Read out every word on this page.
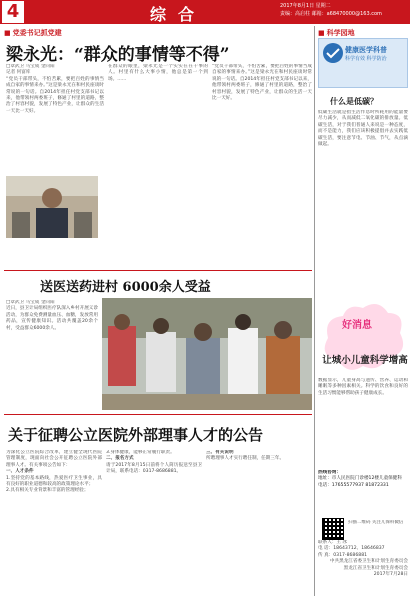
4	综合	2017年8月1日 星期二
责编：高启柱 邮箱：a68470000@163.com
■ 党委书记抓党建
梁永光：“群众的事情等不得”
□章武卫 马宝成 金向阳
记者 何富库
“党员干部带头，不怕苦累，要把百姓的事情当成自家的事情来办。”这是梁永光在和村民座谈时常说的一句话。自2014年担任村党支部书记以来，他带领村两委班子，修通了村里的道路，整治了村容村貌，发展了特色产业，让群众的生活一天比一天好。
在群众的眼里，梁永光是一个实实在在干事的人。村里有什么大事小情，他总是第一个到场。……
“党员干部带头，不怕苦累，要把百姓的事情当成自家的事情来办。”这是梁永光在和村民座谈时常说的一句话。自2014年担任村党支部书记以来，他带领村两委班子，修通了村里的道路，整治了村容村貌，发展了特色产业，让群众的生活一天比一天好。
送医送药进村 6000余人受益
□章武卫 马宝成 金向阳
近日，县卫计局组织医疗队深入乡村开展义诊活动，为群众免费测量血压、血糖，发放常用药品，宣传健康知识。活动共覆盖20余个村，受益群众6000余人。
关于征聘公立医院外部理事人才的公告
为深化公立医院综合改革，建立健全现代医院管理制度，现面向社会公开征聘公立医院外部理事人才。有关事项公告如下：
一、人才条件
1.坚持党的基本路线，热爱医疗卫生事业，具有良好的职业道德和较高的政策理论水平；
2.具有相关专业背景和丰富的管理经验；
3.身体健康，能够正常履行职责。
二、报名方式
请于2017年8月15日前将个人简历报送至县卫计局，联系电话：0317-8686881。
三、有关说明
所聘理事人才实行聘任制，任期三年。
■ 科学园地
健康医学科普
科学有效 科学防治
什么是低碳？
低碳生活就是指生活作息时所耗用的能量要尽力减少，从而减低二氧化碳的排放量。低碳生活，对于我们普通人来说是一种态度，而不是能力，我们应该积极提倡并去实践低碳生活，要注意节电、节油、节气，从点滴做起。
好消息
让城小儿童科学增高
数据显示，儿童身高与遗传、营养、运动和睡眠等多种因素相关。科学的饮食和良好的生活习惯能够帮助孩子健康成长。
热线咨询：
地址：市人民医院门诊楼12楼儿童保健科
电话：17655577937 81872331
扫描二维码 关注儿保科微信
联系人：王 冰
电 话：18643712、18646837
传 真：0317-8686881
中共黑龙江省委卫生和计划生育委员会
黑龙江省卫生和计划生育委员会
2017年7月28日
